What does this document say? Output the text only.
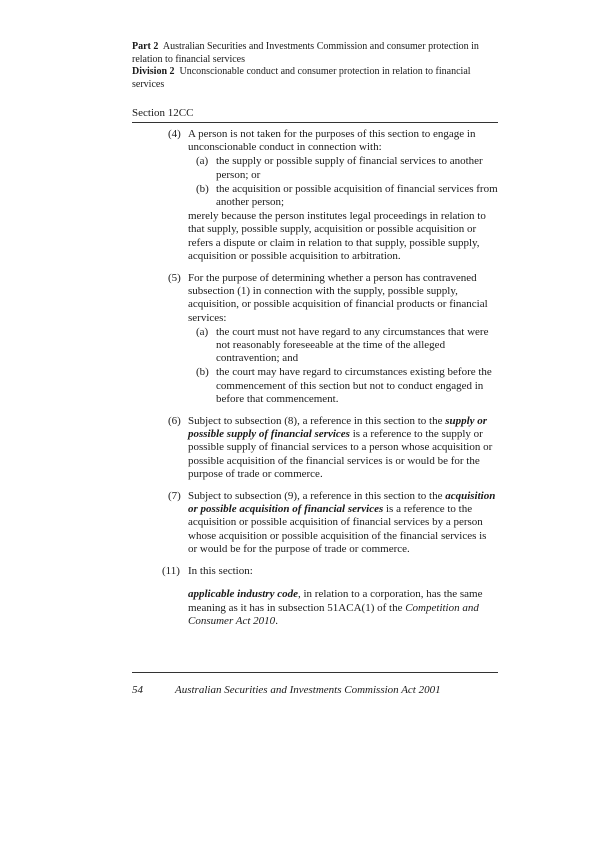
Part 2 Australian Securities and Investments Commission and consumer protection in relation to financial services

Division 2 Unconscionable conduct and consumer protection in relation to financial services

Section 12CC
(4) A person is not taken for the purposes of this section to engage in unconscionable conduct in connection with:

(a) the supply or possible supply of financial services to another person; or
(b) the acquisition or possible acquisition of financial services from another person;

merely because the person institutes legal proceedings in relation to that supply, possible supply, acquisition or possible acquisition or refers a dispute or claim in relation to that supply, possible supply, acquisition or possible acquisition to arbitration.

(5) For the purpose of determining whether a person has contravened subsection (1) in connection with the supply, possible supply, acquisition, or possible acquisition of financial products or financial services:

(a) the court must not have regard to any circumstances that were not reasonably foreseeable at the time of the alleged contravention; and
(b) the court may have regard to circumstances existing before the commencement of this section but not to conduct engaged in before that commencement.
(6) Subject to subsection (8), a reference in this section to the supply or possible supply of financial services is a reference to the supply or possible supply of financial services to a person whose acquisition or possible acquisition of the financial services is or would be for the purpose of trade or commerce.

(7) Subject to subsection (9), a reference in this section to the acquisition or possible acquisition of financial services is a reference to the acquisition or possible acquisition of financial services by a person whose acquisition or possible acquisition of the financial services is or would be for the purpose of trade or commerce.

(11) In this section:

applicable industry code, in relation to a corporation, has the same meaning as it has in subsection 51ACA(1) of the Competition and Consumer Act 2010.

54	Australian Securities and Investments Commission Act 2001
